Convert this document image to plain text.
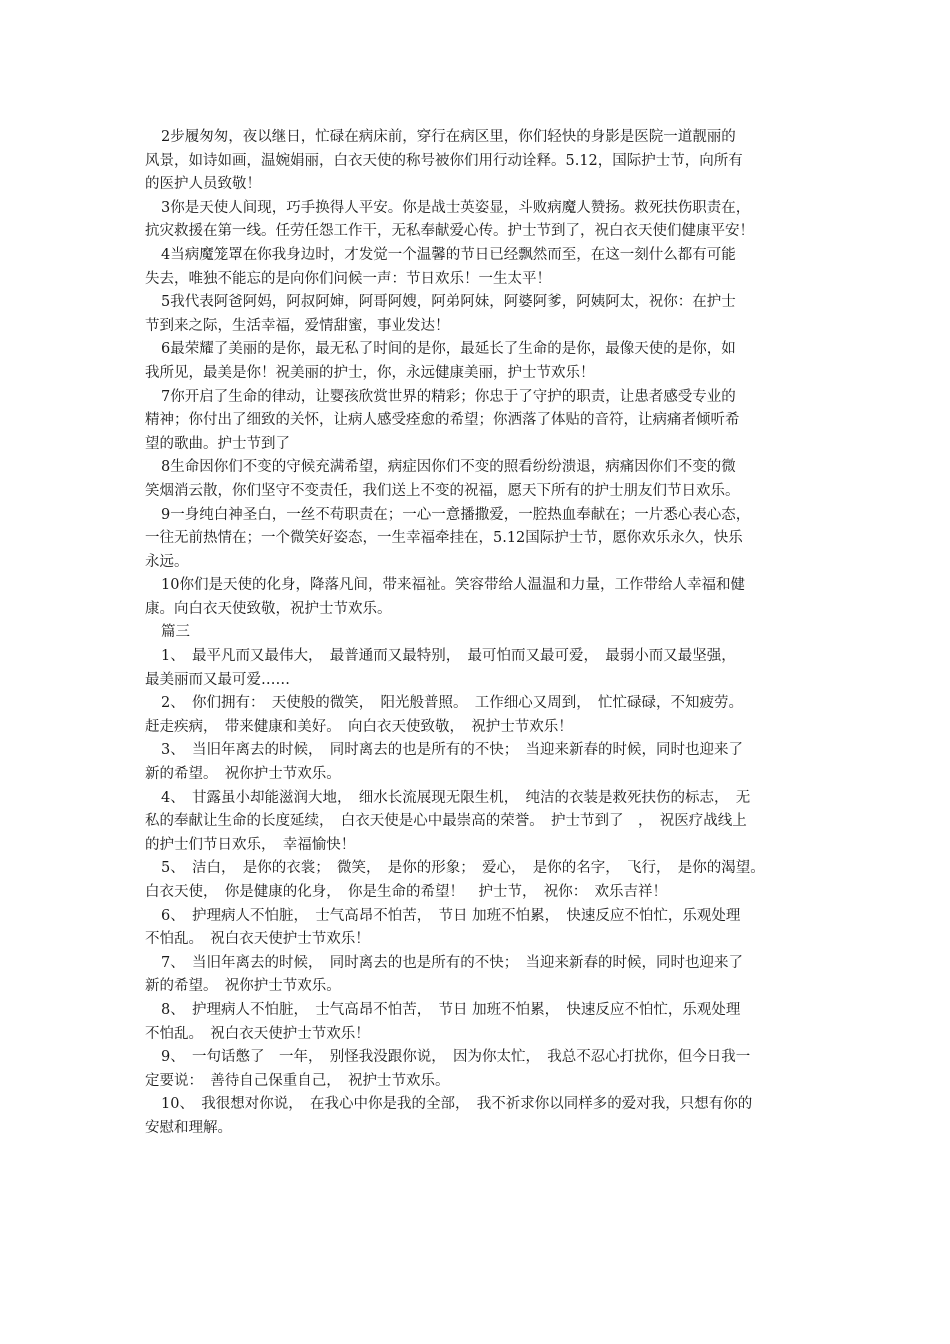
2步履匆匆，夜以继日，忙碌在病床前，穿行在病区里，你们轻快的身影是医院一道靓丽的
风景，如诗如画，温婉娟丽，白衣天使的称号被你们用行动诠释。5.12，国际护士节，向所有
的医护人员致敬！
3你是天使人间现，巧手换得人平安。你是战士英姿显，斗败病魔人赞扬。救死扶伤职责在，
抗灾救援在第一线。任劳任怨工作干，无私奉献爱心传。护士节到了，祝白衣天使们健康平安！
4当病魔笼罩在你我身边时，才发觉一个温馨的节日已经飘然而至，在这一刻什么都有可能
失去，唯独不能忘的是向你们问候一声：节日欢乐！一生太平！
5我代表阿爸阿妈，阿叔阿婶，阿哥阿嫂，阿弟阿妹，阿婆阿爹，阿姨阿太，祝你：在护士
节到来之际，生活幸福，爱情甜蜜，事业发达！
6最荣耀了美丽的是你，最无私了时间的是你，最延长了生命的是你，最像天使的是你，如
我所见，最美是你！祝美丽的护士，你，永远健康美丽，护士节欢乐！
7你开启了生命的律动，让婴孩欣赏世界的精彩；你忠于了守护的职责，让患者感受专业的
精神；你付出了细致的关怀，让病人感受痊愈的希望；你洒落了体贴的音符，让病痛者倾听希
望的歌曲。护士节到了
8生命因你们不变的守候充满希望，病症因你们不变的照看纷纷溃退，病痛因你们不变的微
笑烟消云散，你们坚守不变责任，我们送上不变的祝福，愿天下所有的护士朋友们节日欢乐。
9一身纯白神圣白，一丝不苟职责在；一心一意播撒爱，一腔热血奉献在；一片悉心表心态，
一往无前热情在；一个微笑好姿态，一生幸福牵挂在，5.12国际护士节，愿你欢乐永久，快乐
永远。
10你们是天使的化身，降落凡间，带来福祉。笑容带给人温温和力量，工作带给人幸福和健
康。向白衣天使致敬，祝护士节欢乐。
篇三
1、　最平凡而又最伟大，　最普通而又最特别，　最可怕而又最可爱，　最弱小而又最坚强，
最美丽而又最可爱……
2、　你们拥有：　天使般的微笑，　阳光般普照。　工作细心又周到，　忙忙碌碌，不知疲劳。
赶走疾病，　带来健康和美好。　向白衣天使致敬，　祝护士节欢乐！
3、　当旧年离去的时候，　同时离去的也是所有的不快；　当迎来新春的时候，同时也迎来了
新的希望。　祝你护士节欢乐。
4、　甘露虽小却能滋润大地，　细水长流展现无限生机，　纯洁的衣装是救死扶伤的标志，　无
私的奉献让生命的长度延续，　白衣天使是心中最崇高的荣誉。　护士节到了　，　祝医疗战线上
的护士们节日欢乐，　幸福愉快！
5、　洁白，　是你的衣裳；　微笑，　是你的形象；　爱心，　是你的名字，　飞行，　是你的渴望。
白衣天使，　你是健康的化身，　你是生命的希望！　护士节，　祝你：　欢乐吉祥！
6、　护理病人不怕脏，　士气高昂不怕苦，　节日 加班不怕累，　快速反应不怕忙，乐观处理
不怕乱。　祝白衣天使护士节欢乐！
7、　当旧年离去的时候，　同时离去的也是所有的不快；　当迎来新春的时候，同时也迎来了
新的希望。　祝你护士节欢乐。
8、　护理病人不怕脏，　士气高昂不怕苦，　节日 加班不怕累，　快速反应不怕忙，乐观处理
不怕乱。　祝白衣天使护士节欢乐！
9、　一句话憋了　一年，　别怪我没跟你说，　因为你太忙，　我总不忍心打扰你，但今日我一
定要说：　善待自己保重自己，　祝护士节欢乐。
10、　我很想对你说，　在我心中你是我的全部，　我不祈求你以同样多的爱对我，只想有你的
安慰和理解。
